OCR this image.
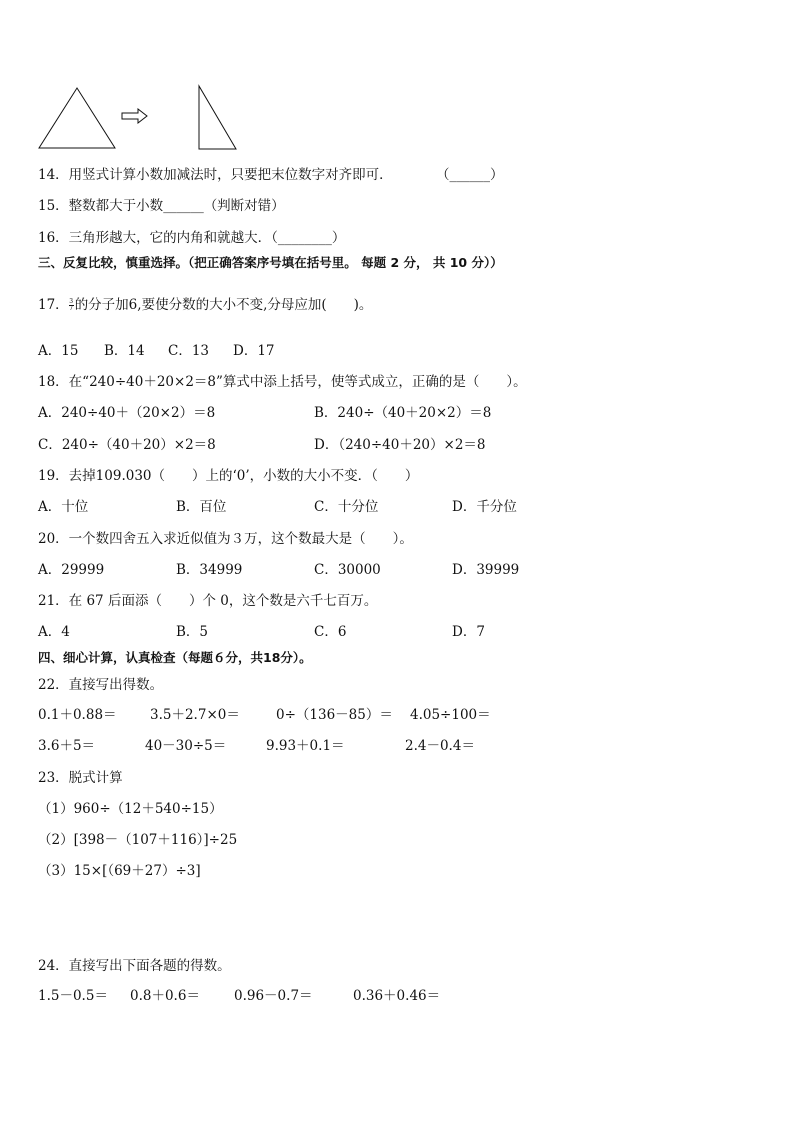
14．用竖式计算小数加减法时，只要把末位数字对齐即可．	（______）
15．整数都大于小数______（判断对错）
16．三角形越大，它的内角和就越大．（________）
三、反复比较，慎重选择。（把正确答案序号填在括号里。 每题 2 分， 共 10 分））
17． $\frac{3}{7}$ 的分子加6,要使分数的大小不变,分母应加(　　)。
A．15 B．14 C．13 D．17
18．在“240÷40＋20×2＝8”算式中添上括号，使等式成立，正确的是（　　）。
A．240÷40＋（20×2）＝8	B．240÷（40＋20×2）＝8
C．240÷（40＋20）×2＝8	D．（240÷40＋20）×2＝8
19．去掉109.030（　　）上的‘0’，小数的大小不变．（　　）
A．十位	B．百位	C．十分位	D．千分位
20．一个数四舍五入求近似值为３万，这个数最大是（　　）。
A．29999	B．34999	C．30000	D．39999
21．在 67 后面添（　　）个 0，这个数是六千七百万。
A．4	B．5	C．6	D．7
四、细心计算，认真检查（每题６分，共18分）。
22．直接写出得数。
0.1＋0.88＝ 3.5＋2.7×0＝	0÷（136－85）＝ 4.05÷100＝
3.6＋5＝	40－30÷5＝	9.93＋0.1＝	2.4－0.4＝
23．脱式计算
（1）960÷（12＋540÷15）
（2）[398－（107＋116）]÷25
（3）15×[（69＋27）÷3]
24．直接写出下面各题的得数。
1.5－0.5＝ 0.8＋0.6＝	0.96－0.7＝	0.36＋0.46＝
